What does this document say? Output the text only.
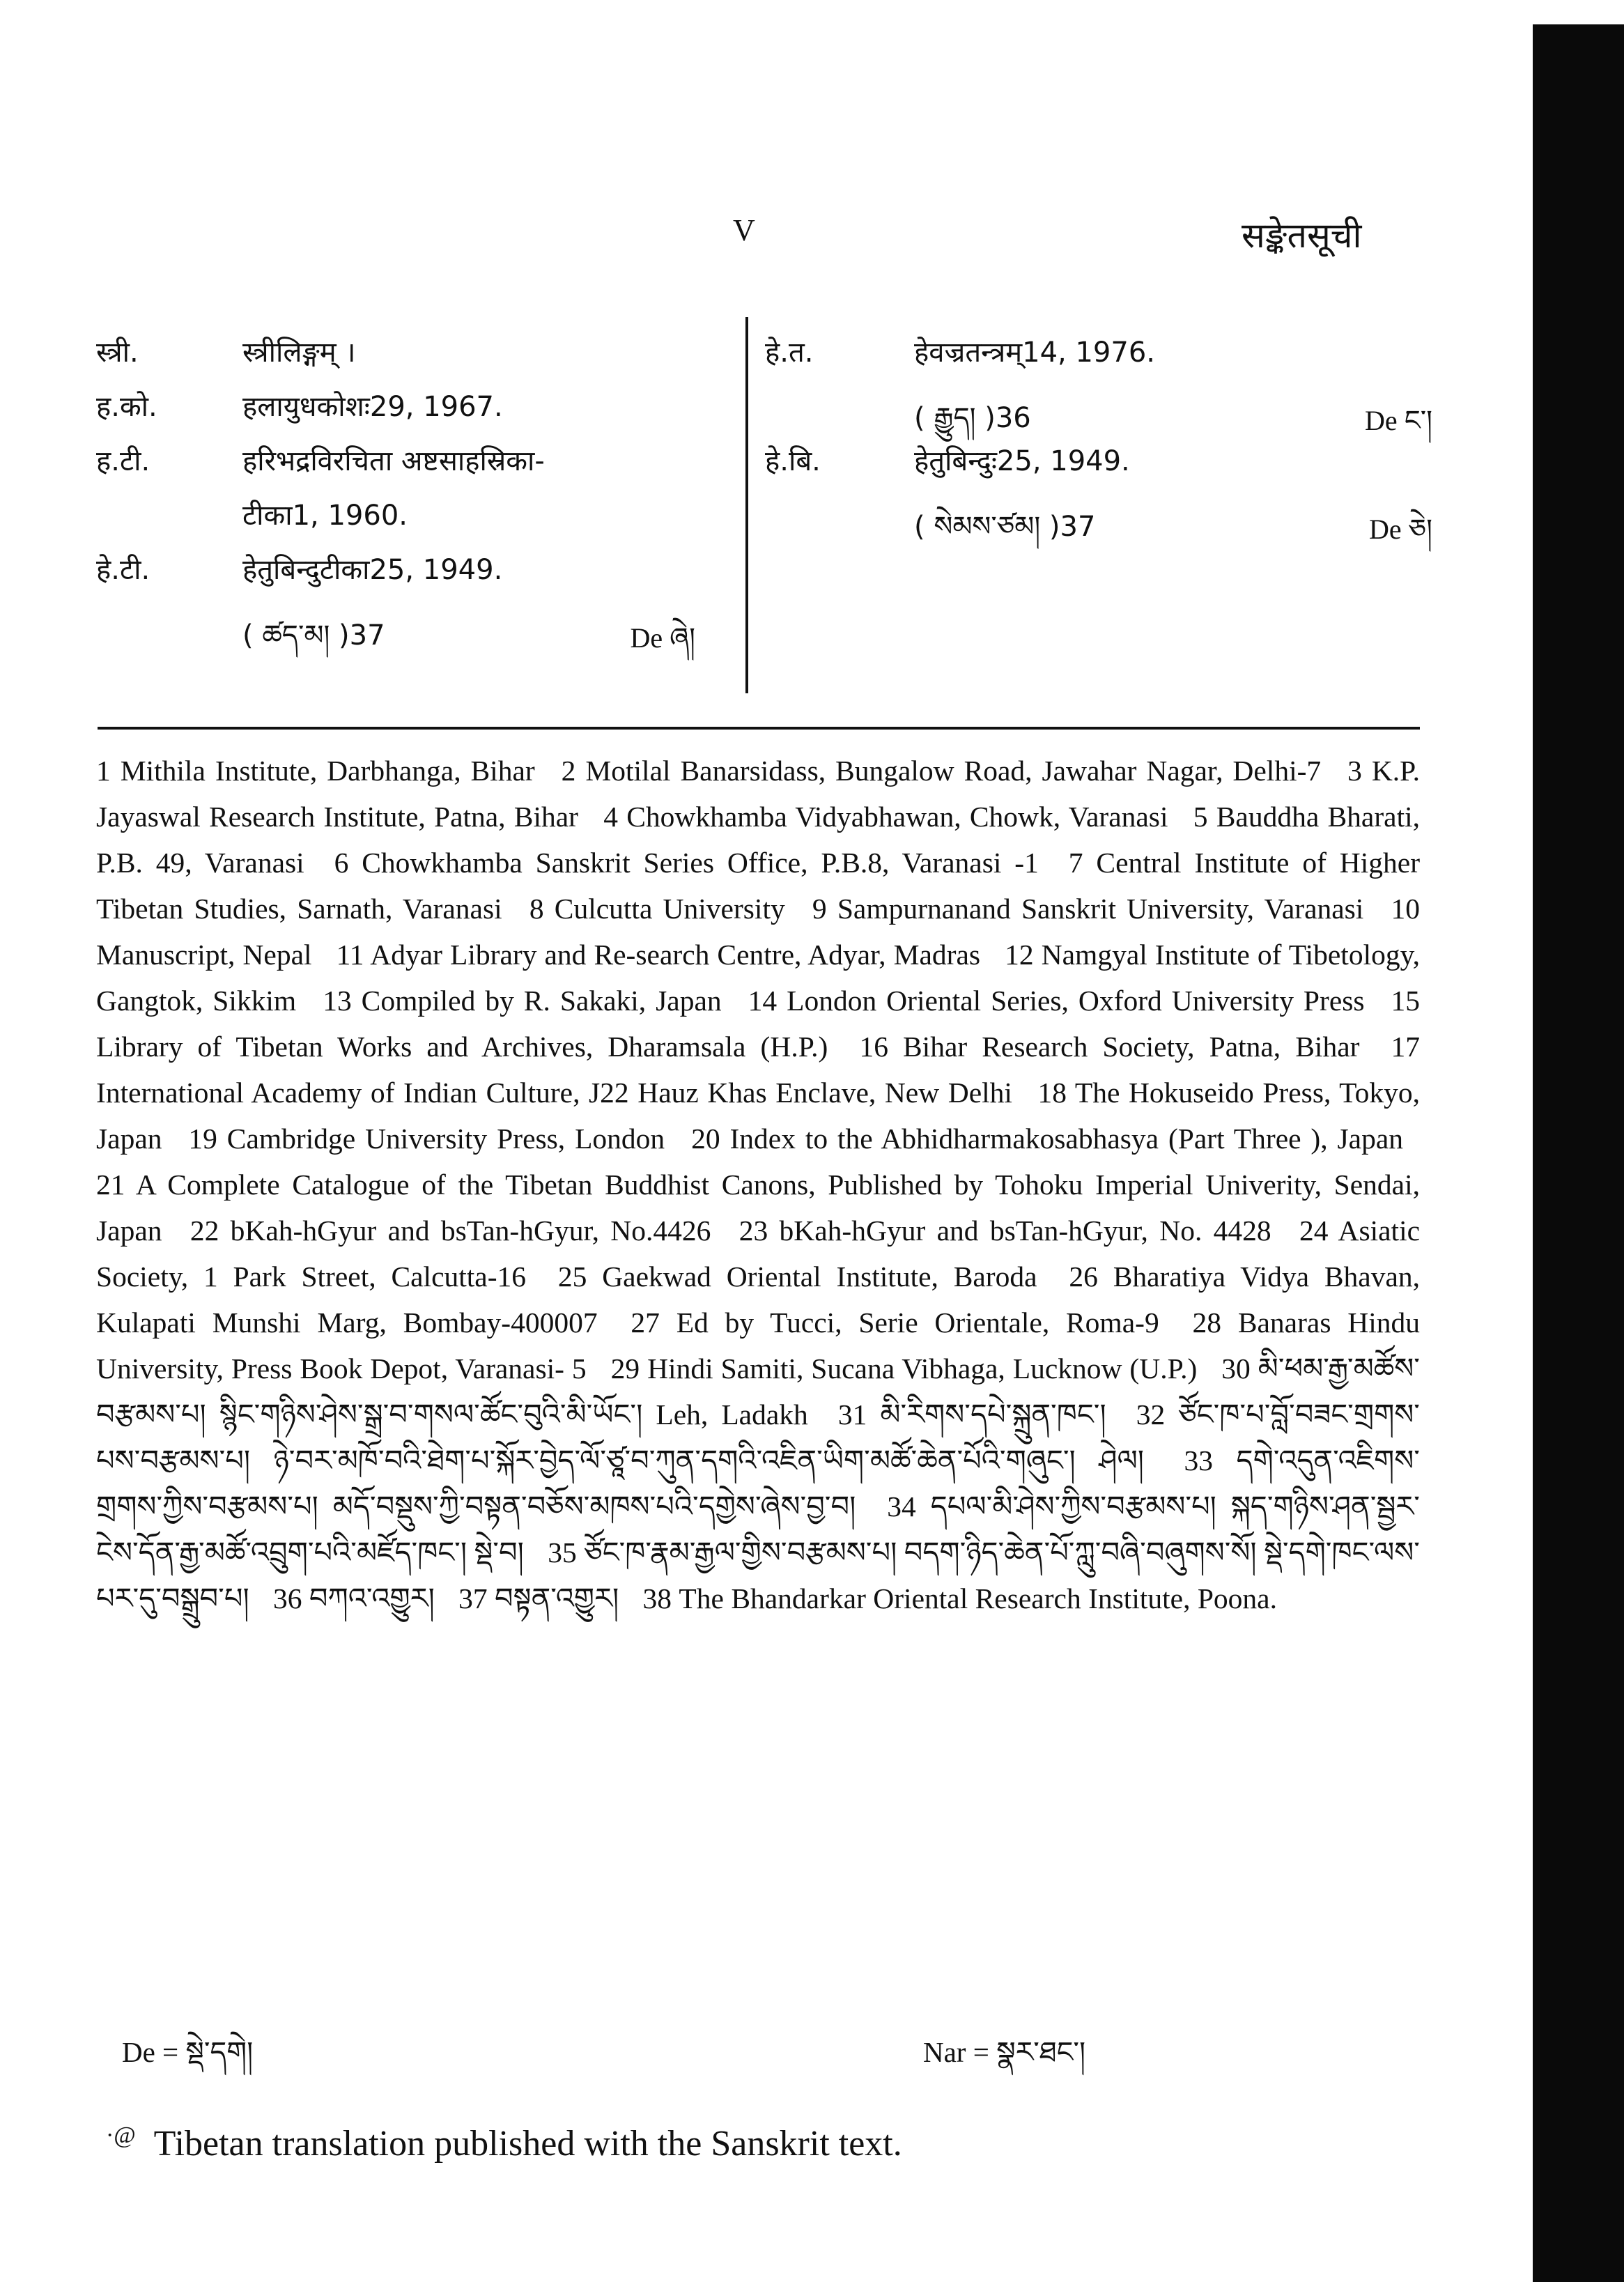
V	सङ्केतसूची
स्त्री.	स्त्रीलिङ्गम् ।
ह.को.	हलायुधकोशः29, 1967.
ह.टी.	हरिभद्रविरचिता अष्टसाहस्रिका-
टीका1, 1960.
हे.टी.	हेतुबिन्दुटीका25, 1949.
( ཚད་མ། )37	De ཞེ།
हे.त.	हेवज्रतन्त्रम्14, 1976.
( རྒྱུད། )36	De ང་།
हे.बि.	हेतुबिन्दुः25, 1949.
( སེམས་ཙམ། )37	De ཅེ།
1 Mithila Institute, Darbhanga, Bihar 2 Motilal Banarsidass, Bungalow Road, Jawahar Nagar, Delhi-7 3 K.P. Jayaswal Research Institute, Patna, Bihar 4 Chowkhamba Vidyabhawan, Chowk, Varanasi 5 Bauddha Bharati, P.B. 49, Varanasi 6 Chowkhamba Sanskrit Series Office, P.B.8, Varanasi -1 7 Central Institute of Higher Tibetan Studies, Sarnath, Varanasi 8 Culcutta University 9 Sampurnanand Sanskrit University, Varanasi 10 Manuscript, Nepal 11 Adyar Library and Re-search Centre, Adyar, Madras 12 Namgyal Institute of Tibetology, Gangtok, Sikkim 13 Compiled by R. Sakaki, Japan 14 London Oriental Series, Oxford University Press 15 Library of Tibetan Works and Archives, Dharamsala (H.P.) 16 Bihar Research Society, Patna, Bihar 17 International Academy of Indian Culture, J22 Hauz Khas Enclave, New Delhi 18 The Hokuseido Press, Tokyo, Japan 19 Cambridge University Press, London 20 Index to the Abhidharmakosabhasya (Part Three ), Japan 21 A Complete Catalogue of the Tibetan Buddhist Canons, Published by Tohoku Imperial Univerity, Sendai, Japan 22 bKah-hGyur and bsTan-hGyur, No.4426 23 bKah-hGyur and bsTan-hGyur, No. 4428 24 Asiatic Society, 1 Park Street, Calcutta-16 25 Gaekwad Oriental Institute, Baroda 26 Bharatiya Vidya Bhavan, Kulapati Munshi Marg, Bombay-400007 27 Ed by Tucci, Serie Orientale, Roma-9 28 Banaras Hindu University, Press Book Depot, Varanasi- 5 29 Hindi Samiti, Sucana Vibhaga, Lucknow (U.P.) 30 མི་ཕམ་རྒྱ་མཚོས་བརྩམས་པ། སྙིང་གཉིས་ཤེས་སྒྲ་བ་གསལ་ཚོང་བུའི་མི་ཡོང་། Leh, Ladakh 31 མི་རིགས་དཔེ་སྐྲུན་ཁང་། 32 ཙོང་ཁ་པ་བློ་བཟང་གྲགས་པས་བརྩམས་པ། ཉེ་བར་མཁོ་བའི་ཐེག་པ་སྐོར་བྱེད་ལོ་ཙཱ་བ་ཀུན་དགའི་འཇིན་ཡིག་མཚོ་ཆེན་པོའི་གཞུང་། ཤེལ། 33 དགེ་འདུན་འཇིགས་གྲགས་ཀྱིས་བརྩམས་པ། མདོ་བསྡུས་ཀྱི་བསྟན་བཅོས་མཁས་པའི་དགྱེས་ཞེས་བྱ་བ། 34 དཔལ་མི་ཤེས་ཀྱིས་བརྩམས་པ། སྐད་གཉིས་ཤན་སྦྱར་ངེས་དོན་རྒྱ་མཚོ་འབྲུག་པའི་མཛོད་ཁང་། སྡེ་བ། 35 ཙོང་ཁ་རྣམ་རྒྱལ་གྱིས་བརྩམས་པ། བདག་ཉིད་ཆེན་པོ་ཀླུ་བཞི་བཞུགས་སོ། སྡེ་དགེ་ཁང་ལས་པར་དུ་བསྒྲུབ་པ། 36 བཀའ་འགྱུར། 37 བསྟན་འགྱུར། 38 The Bhandarkar Oriental Research Institute, Poona.
De = སྡེ་དགེ།	Nar = སྣར་ཐང་།
·@ Tibetan translation published with the Sanskrit text.
